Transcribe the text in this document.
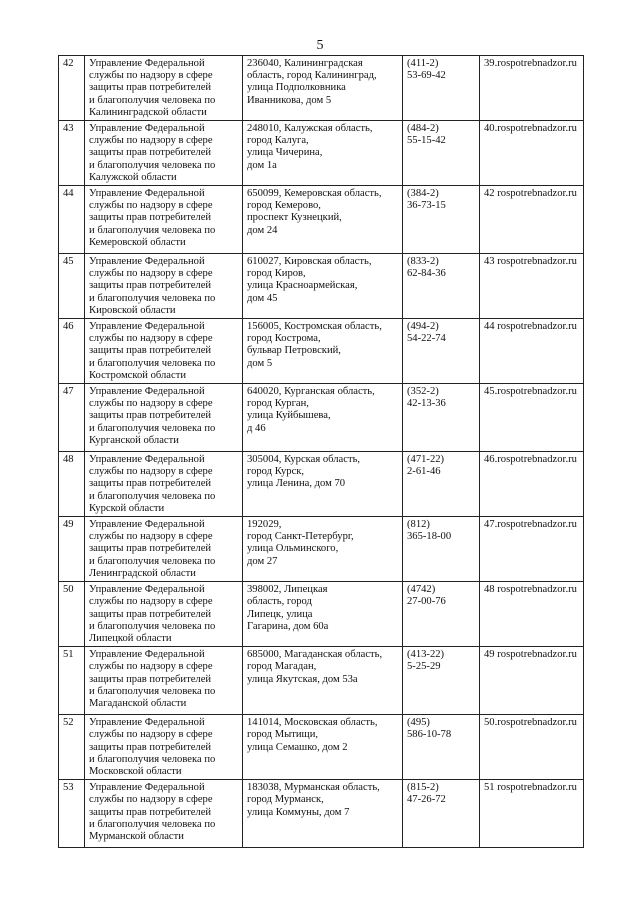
5
42	Управление Федеральной
службы по надзору в сфере
защиты прав потребителей
и благополучия человека по
Калининградской области	236040, Калининградская
область, город Калининград,
улица Подполковника
Иванникова, дом 5	(411-2)
53-69-42	39.rospotrebnadzor.ru
43	Управление Федеральной
службы по надзору в сфере
защиты прав потребителей
и благополучия человека по
Калужской области	248010, Калужская область,
город Калуга,
улица Чичерина,
дом 1а	(484-2)
55-15-42	40.rospotrebnadzor.ru
44	Управление Федеральной
службы по надзору в сфере
защиты прав потребителей
и благополучия человека по
Кемеровской области	650099, Кемеровская область,
город Кемерово,
проспект Кузнецкий,
дом 24	(384-2)
36-73-15	42 rospotrebnadzor.ru
45	Управление Федеральной
службы по надзору в сфере
защиты прав потребителей
и благополучия человека по
Кировской области	610027, Кировская область,
город Киров,
улица Красноармейская,
дом 45	(833-2)
62-84-36	43 rospotrebnadzor.ru
46	Управление Федеральной
службы по надзору в сфере
защиты прав потребителей
и благополучия человека по
Костромской области	156005, Костромская область,
город Кострома,
бульвар Петровский,
дом 5	(494-2)
54-22-74	44 rospotrebnadzor.ru
47	Управление Федеральной
службы по надзору в сфере
защиты прав потребителей
и благополучия человека по
Курганской области	640020, Курганская область,
город Курган,
улица Куйбышева,
д 46	(352-2)
42-13-36	45.rospotrebnadzor.ru
48	Управление Федеральной
службы по надзору в сфере
защиты прав потребителей
и благополучия человека по
Курской области	305004, Курская область,
город Курск,
улица Ленина, дом 70	(471-22)
2-61-46	46.rospotrebnadzor.ru
49	Управление Федеральной
службы по надзору в сфере
защиты прав потребителей
и благополучия человека по
Ленинградской области	192029,
город Санкт-Петербург,
улица Ольминского,
дом 27	(812)
365-18-00	47.rospotrebnadzor.ru
50	Управление Федеральной
службы по надзору в сфере
защиты прав потребителей
и благополучия человека по
Липецкой области	398002, Липецкая
область, город
Липецк, улица
Гагарина, дом 60а	(4742)
27-00-76	48 rospotrebnadzor.ru
51	Управление Федеральной
службы по надзору в сфере
защиты прав потребителей
и благополучия человека по
Магаданской области	685000, Магаданская область,
город Магадан,
улица Якутская, дом 53а	(413-22)
5-25-29	49 rospotrebnadzor.ru
52	Управление Федеральной
службы по надзору в сфере
защиты прав потребителей
и благополучия человека по
Московской области	141014, Московская область,
город Мытищи,
улица Семашко, дом 2	(495)
586-10-78	50.rospotrebnadzor.ru
53	Управление Федеральной
службы по надзору в сфере
защиты прав потребителей
и благополучия человека по
Мурманской области	183038, Мурманская область,
город Мурманск,
улица Коммуны, дом 7	(815-2)
47-26-72	51 rospotrebnadzor.ru
